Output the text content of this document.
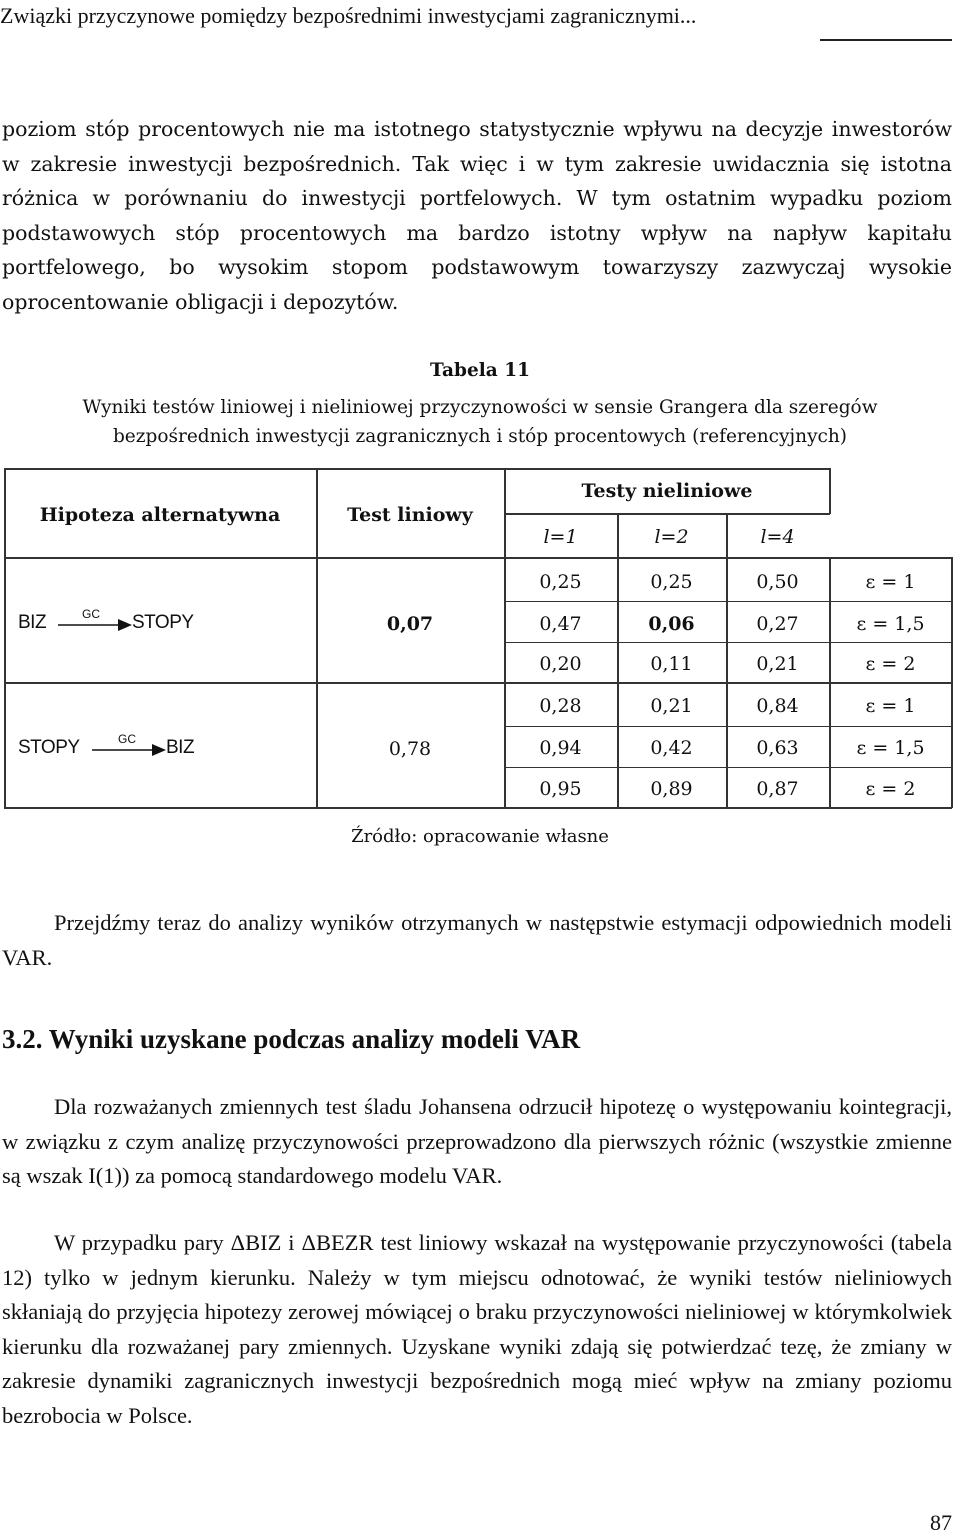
Związki przyczynowe pomiędzy bezpośrednimi inwestycjami zagranicznymi...

poziom stóp procentowych nie ma istotnego statystycznie wpływu na decyzje inwestorów w zakresie inwestycji bezpośrednich. Tak więc i w tym zakresie uwidacznia się istotna różnica w porównaniu do inwestycji portfelowych. W tym ostatnim wypadku poziom podstawowych stóp procentowych ma bardzo istotny wpływ na napływ kapitału portfelowego, bo wysokim stopom podstawowym towarzyszy zazwyczaj wysokie oprocentowanie obligacji i depozytów.

Tabela 11

Wyniki testów liniowej i nieliniowej przyczynowości w sensie Grangera dla szeregów

bezpośrednich inwestycji zagranicznych i stóp procentowych (referencyjnych)

Hipoteza alternatywna	Test liniowy
Testy nieliniowe
l=1	l=2	l=4
BIZ	GC STOPY	0,07
0,25	0,25	0,50	ε = 1
0,47	0,06	0,27	ε = 1,5
0,20	0,11	0,21	ε = 2
STOPY	GC BIZ	0,78
0,28	0,21	0,84	ε = 1
0,94	0,42	0,63	ε = 1,5
0,95	0,89	0,87	ε = 2
Źródło: opracowanie własne

Przejdźmy teraz do analizy wyników otrzymanych w następstwie estymacji odpowiednich modeli VAR.

3.2. Wyniki uzyskane podczas analizy modeli VAR

Dla rozważanych zmiennych test śladu Johansena odrzucił hipotezę o występowaniu kointegracji, w związku z czym analizę przyczynowości przeprowadzono dla pierwszych różnic (wszystkie zmienne są wszak I(1)) za pomocą standardowego modelu VAR.

W przypadku pary ΔBIZ i ΔBEZR test liniowy wskazał na występowanie przyczynowości (tabela 12) tylko w jednym kierunku. Należy w tym miejscu odnotować, że wyniki testów nieliniowych skłaniają do przyjęcia hipotezy zerowej mówiącej o braku przyczynowości nieliniowej w którymkolwiek kierunku dla rozważanej pary zmiennych. Uzyskane wyniki zdają się potwierdzać tezę, że zmiany w zakresie dynamiki zagranicznych inwestycji bezpośrednich mogą mieć wpływ na zmiany poziomu bezrobocia w Polsce.

87
